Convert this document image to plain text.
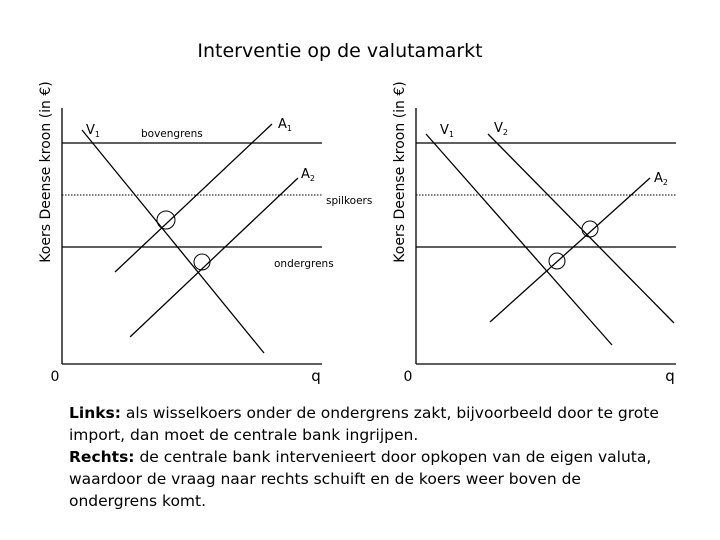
Interventie op de valutamarkt
Koers Deense kroon (in €)
0	q
$V_1$
$A_1$
$A_2$
bovengrens
spilkoers
ondergrens
Koers Deense kroon (in €)
0	q
$V_1$	$V_2$
$A_2$
Links: als wisselkoers onder de ondergrens zakt, bijvoorbeeld door te grote import, dan moet de centrale bank ingrijpen.
Rechts: de centrale bank intervenieert door opkopen van de eigen valuta, waardoor de vraag naar rechts schuift en de koers weer boven de ondergrens komt.
